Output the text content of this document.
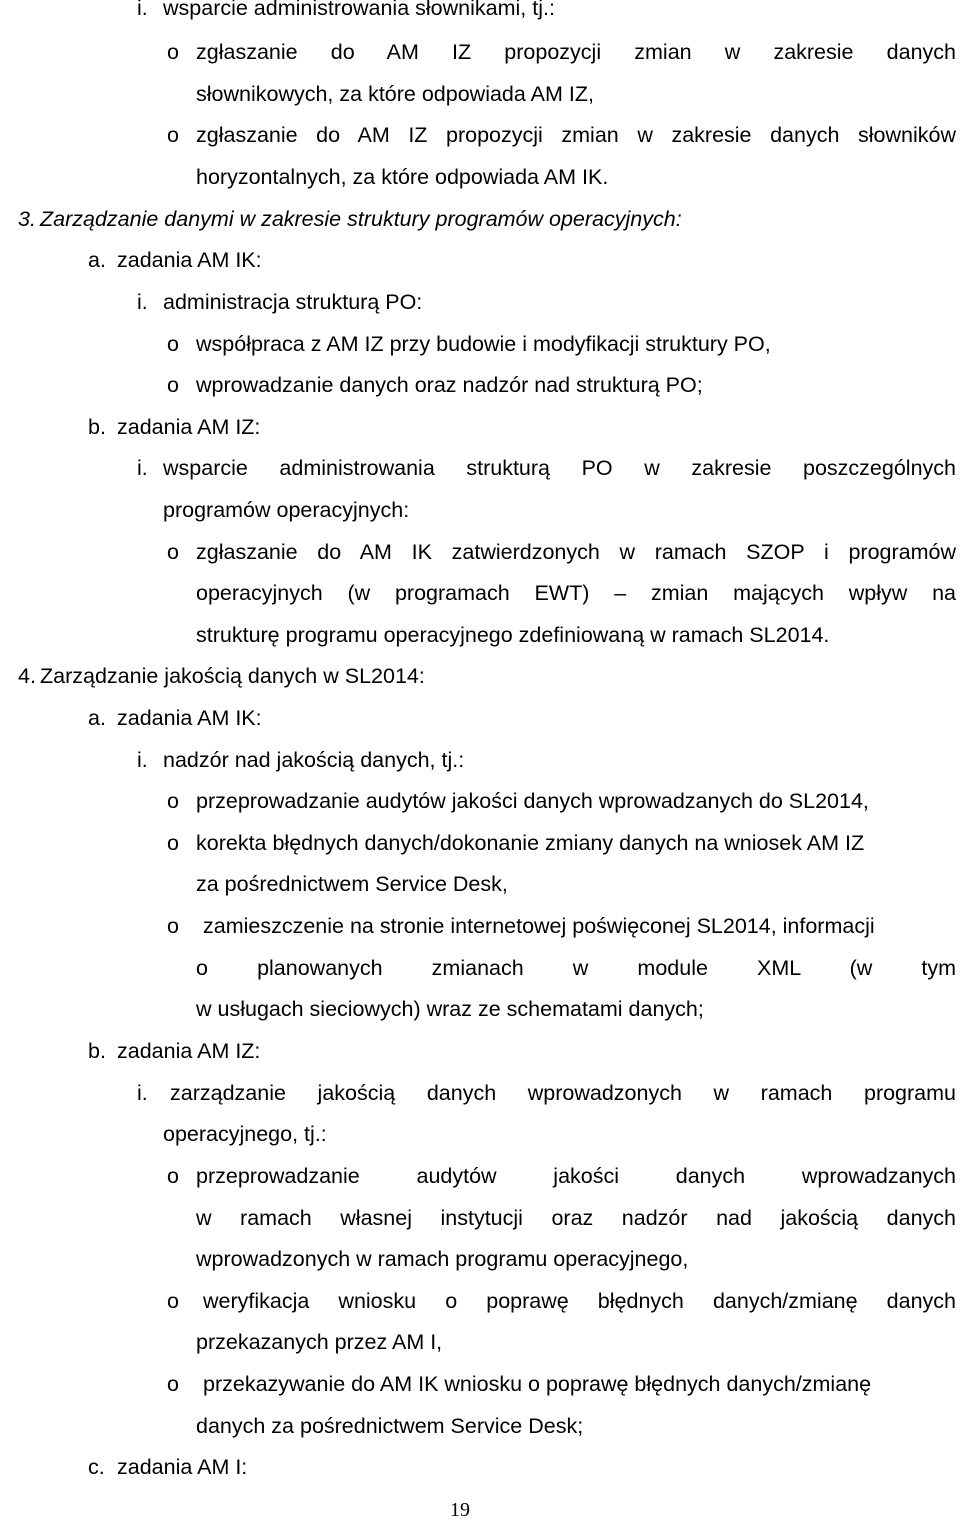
i. wsparcie administrowania słownikami, tj.:
o zgłaszanie do AM IZ propozycji zmian w zakresie danych
słownikowych, za które odpowiada AM IZ,
o zgłaszanie do AM IZ propozycji zmian w zakresie danych słowników
horyzontalnych, za które odpowiada AM IK.
3. Zarządzanie danymi w zakresie struktury programów operacyjnych:
a. zadania AM IK:
i. administracja strukturą PO:
o współpraca z AM IZ przy budowie i modyfikacji struktury PO,
o wprowadzanie danych oraz nadzór nad strukturą PO;
b. zadania AM IZ:
i. wsparcie administrowania strukturą PO w zakresie poszczególnych
programów operacyjnych:
o zgłaszanie do AM IK zatwierdzonych w ramach SZOP i programów
operacyjnych (w programach EWT) – zmian mających wpływ na
strukturę programu operacyjnego zdefiniowaną w ramach SL2014.
4. Zarządzanie jakością danych w SL2014:
a. zadania AM IK:
i. nadzór nad jakością danych, tj.:
o przeprowadzanie audytów jakości danych wprowadzanych do SL2014,
o korekta błędnych danych/dokonanie zmiany danych na wniosek AM IZ
za pośrednictwem Service Desk,
o zamieszczenie na stronie internetowej poświęconej SL2014, informacji
o planowanych zmianach w module XML (w tym
w usługach sieciowych) wraz ze schematami danych;
b. zadania AM IZ:
i. zarządzanie jakością danych wprowadzonych w ramach programu
operacyjnego, tj.:
o przeprowadzanie audytów jakości danych wprowadzanych
w ramach własnej instytucji oraz nadzór nad jakością danych
wprowadzonych w ramach programu operacyjnego,
o weryfikacja wniosku o poprawę błędnych danych/zmianę danych
przekazanych przez AM I,
o przekazywanie do AM IK wniosku o poprawę błędnych danych/zmianę
danych za pośrednictwem Service Desk;
c. zadania AM I:
19
